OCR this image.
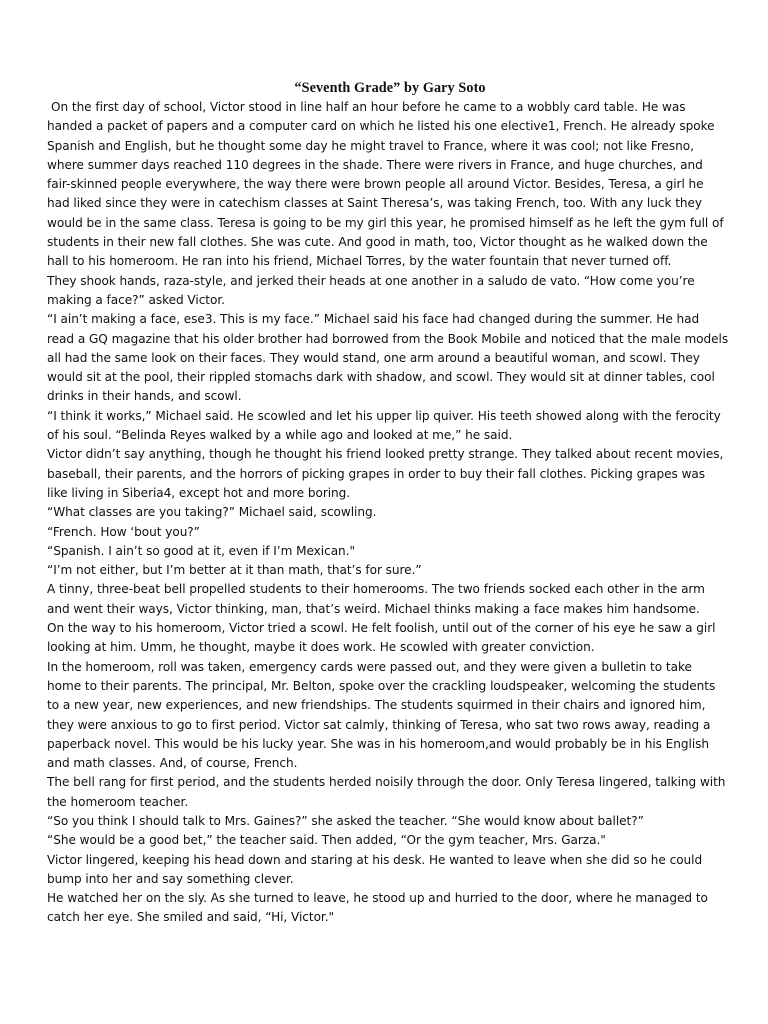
“Seventh Grade” by Gary Soto

On the first day of school, Victor stood in line half an hour before he came to a wobbly card table. He was handed a packet of papers and a computer card on which he listed his one elective1, French. He already spoke Spanish and English, but he thought some day he might travel to France, where it was cool; not like Fresno, where summer days reached 110 degrees in the shade. There were rivers in France, and huge churches, and fair-skinned people everywhere, the way there were brown people all around Victor. Besides, Teresa, a girl he had liked since they were in catechism classes at Saint Theresa’s, was taking French, too. With any luck they would be in the same class. Teresa is going to be my girl this year, he promised himself as he left the gym full of students in their new fall clothes. She was cute. And good in math, too, Victor thought as he walked down the hall to his homeroom. He ran into his friend, Michael Torres, by the water fountain that never turned off.

They shook hands, raza-style, and jerked their heads at one another in a saludo de vato. “How come you’re making a face?” asked Victor.

“I ain’t making a face, ese3. This is my face.” Michael said his face had changed during the summer. He had read a GQ magazine that his older brother had borrowed from the Book Mobile and noticed that the male models all had the same look on their faces. They would stand, one arm around a beautiful woman, and scowl. They would sit at the pool, their rippled stomachs dark with shadow, and scowl. They would sit at dinner tables, cool drinks in their hands, and scowl.

“I think it works,” Michael said. He scowled and let his upper lip quiver. His teeth showed along with the ferocity of his soul. “Belinda Reyes walked by a while ago and looked at me,” he said.

Victor didn’t say anything, though he thought his friend looked pretty strange. They talked about recent movies, baseball, their parents, and the horrors of picking grapes in order to buy their fall clothes. Picking grapes was like living in Siberia4, except hot and more boring.

“What classes are you taking?” Michael said, scowling.

“French. How ‘bout you?”

“Spanish. I ain’t so good at it, even if I’m Mexican."

“I’m not either, but I’m better at it than math, that’s for sure.”

A tinny, three-beat bell propelled students to their homerooms. The two friends socked each other in the arm and went their ways, Victor thinking, man, that’s weird. Michael thinks making a face makes him handsome.

On the way to his homeroom, Victor tried a scowl. He felt foolish, until out of the corner of his eye he saw a girl looking at him. Umm, he thought, maybe it does work. He scowled with greater conviction.

In the homeroom, roll was taken, emergency cards were passed out, and they were given a bulletin to take home to their parents. The principal, Mr. Belton, spoke over the crackling loudspeaker, welcoming the students to a new year, new experiences, and new friendships. The students squirmed in their chairs and ignored him, they were anxious to go to first period. Victor sat calmly, thinking of Teresa, who sat two rows away, reading a paperback novel. This would be his lucky year. She was in his homeroom,and would probably be in his English and math classes. And, of course, French.

The bell rang for first period, and the students herded noisily through the door. Only Teresa lingered, talking with the homeroom teacher.

“So you think I should talk to Mrs. Gaines?” she asked the teacher. “She would know about ballet?”

“She would be a good bet,” the teacher said. Then added, “Or the gym teacher, Mrs. Garza."

Victor lingered, keeping his head down and staring at his desk. He wanted to leave when she did so he could bump into her and say something clever.

He watched her on the sly. As she turned to leave, he stood up and hurried to the door, where he managed to catch her eye. She smiled and said, “Hi, Victor."
